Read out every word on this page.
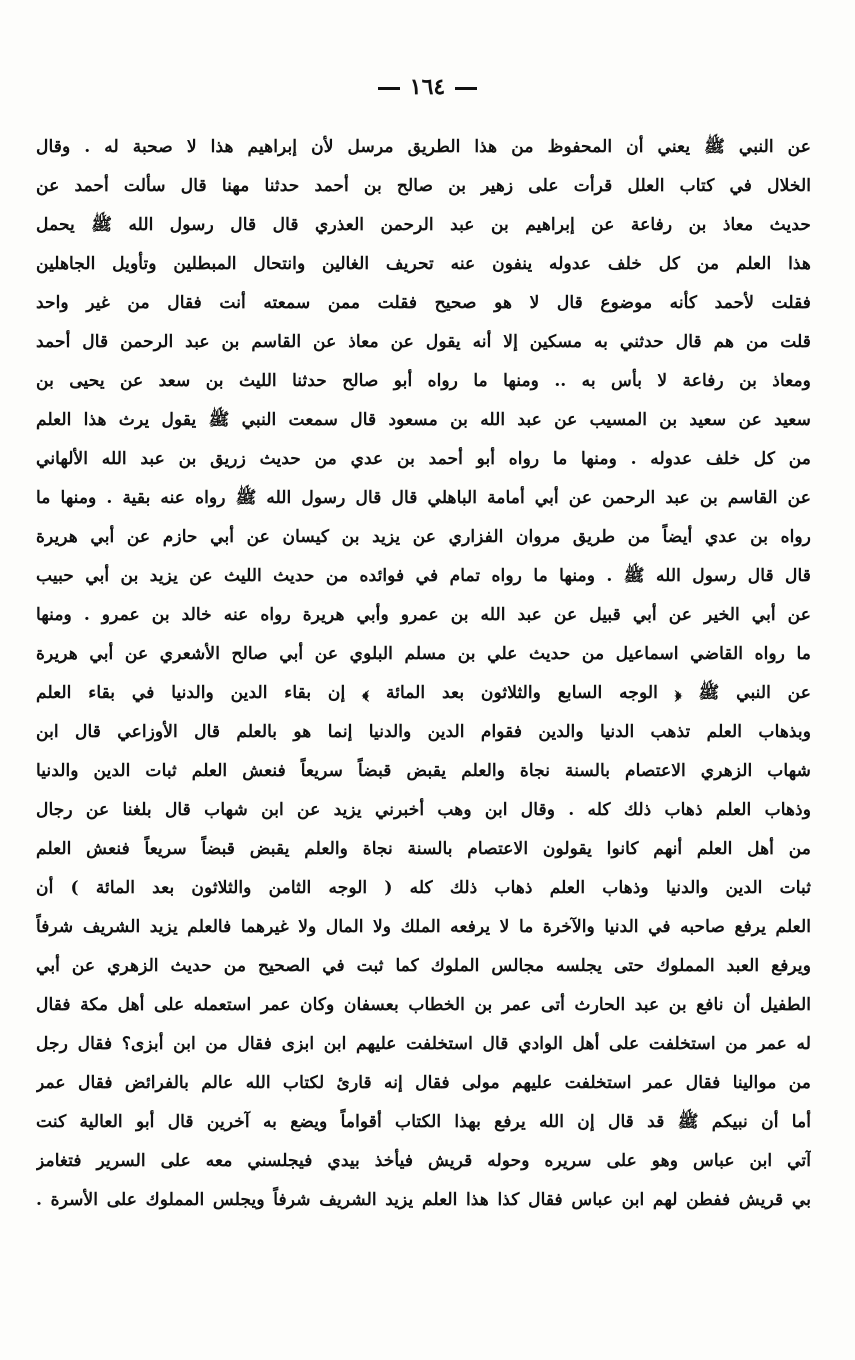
١٦٤
عن النبي ﷺ يعني أن المحفوظ من هذا الطريق مرسل لأن إبراهيم هذا لا صحبة له . وقال
الخلال في كتاب العلل قرأت على زهير بن صالح بن أحمد حدثنا مهنا قال سألت أحمد عن
حديث معاذ بن رفاعة عن إبراهيم بن عبد الرحمن العذري قال قال رسول الله ﷺ يحمل
هذا العلم من كل خلف عدوله ينفون عنه تحريف الغالين وانتحال المبطلين وتأويل الجاهلين
فقلت لأحمد كأنه موضوع قال لا هو صحيح فقلت ممن سمعته أنت فقال من غير واحد
قلت من هم قال حدثني به مسكين إلا أنه يقول عن معاذ عن القاسم بن عبد الرحمن قال أحمد
ومعاذ بن رفاعة لا بأس به .. ومنها ما رواه أبو صالح حدثنا الليث بن سعد عن يحيى بن
سعيد عن سعيد بن المسيب عن عبد الله بن مسعود قال سمعت النبي ﷺ يقول يرث هذا العلم
من كل خلف عدوله . ومنها ما رواه أبو أحمد بن عدي من حديث زريق بن عبد الله الألهاني
عن القاسم بن عبد الرحمن عن أبي أمامة الباهلي قال قال رسول الله ﷺ رواه عنه بقية . ومنها ما
رواه بن عدي أيضاً من طريق مروان الفزاري عن يزيد بن كيسان عن أبي حازم عن أبي هريرة
قال قال رسول الله ﷺ . ومنها ما رواه تمام في فوائده من حديث الليث عن يزيد بن أبي حبيب
عن أبي الخير عن أبي قبيل عن عبد الله بن عمرو وأبي هريرة رواه عنه خالد بن عمرو . ومنها
ما رواه القاضي اسماعيل من حديث علي بن مسلم البلوي عن أبي صالح الأشعري عن أبي هريرة
عن النبي ﷺ ﴿ الوجه السابع والثلاثون بعد المائة ﴾ إن بقاء الدين والدنيا في بقاء العلم
وبذهاب العلم تذهب الدنيا والدين فقوام الدين والدنيا إنما هو بالعلم قال الأوزاعي قال ابن
شهاب الزهري الاعتصام بالسنة نجاة والعلم يقبض قبضاً سريعاً فنعش العلم ثبات الدين والدنيا
وذهاب العلم ذهاب ذلك كله . وقال ابن وهب أخبرني يزيد عن ابن شهاب قال بلغنا عن رجال
من أهل العلم أنهم كانوا يقولون الاعتصام بالسنة نجاة والعلم يقبض قبضاً سريعاً فنعش العلم
ثبات الدين والدنيا وذهاب العلم ذهاب ذلك كله ( الوجه الثامن والثلاثون بعد المائة ) أن
العلم يرفع صاحبه في الدنيا والآخرة ما لا يرفعه الملك ولا المال ولا غيرهما فالعلم يزيد الشريف شرفاً
ويرفع العبد المملوك حتى يجلسه مجالس الملوك كما ثبت في الصحيح من حديث الزهري عن أبي
الطفيل أن نافع بن عبد الحارث أتى عمر بن الخطاب بعسفان وكان عمر استعمله على أهل مكة فقال
له عمر من استخلفت على أهل الوادي قال استخلفت عليهم ابن ابزى فقال من ابن أبزى؟ فقال رجل
من موالينا فقال عمر استخلفت عليهم مولى فقال إنه قارئ لكتاب الله عالم بالفرائض فقال عمر
أما أن نبيكم ﷺ قد قال إن الله يرفع بهذا الكتاب أقواماً ويضع به آخرين قال أبو العالية كنت
آتي ابن عباس وهو على سريره وحوله قريش فيأخذ بيدي فيجلسني معه على السرير فتغامز
بي قريش ففطن لهم ابن عباس فقال كذا هذا العلم يزيد الشريف شرفاً ويجلس المملوك على الأسرة .
